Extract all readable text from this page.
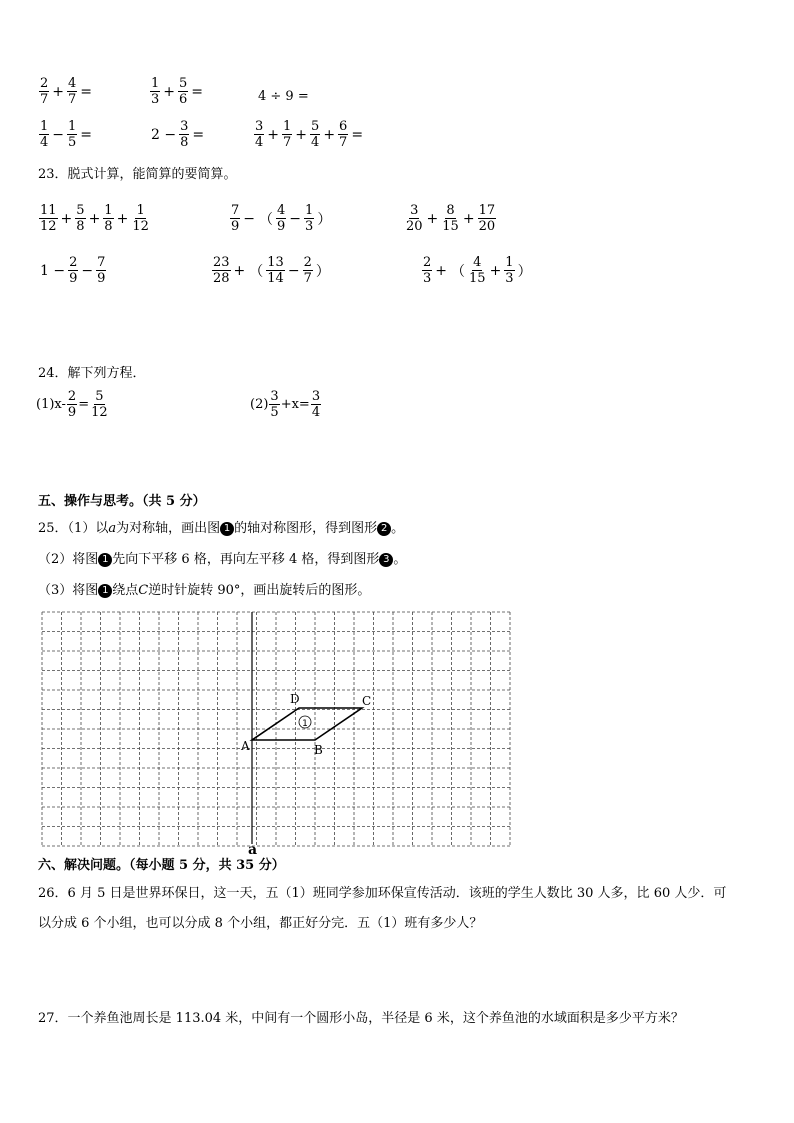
$\frac{2}{7} + \frac{4}{7}$ =	$\frac{1}{3} + \frac{5}{6}$ =	4 ÷ 9 =
$\frac{1}{4} - \frac{1}{5}$ =	$2 - \frac{3}{8}$ =	$\frac{3}{4} + \frac{1}{7} + \frac{5}{4} + \frac{6}{7}$ =
23．脱式计算，能简算的要简算。
$\frac{11}{12} + \frac{5}{8} + \frac{1}{8} + \frac{1}{12}$	$\frac{7}{9}$ − （ $\frac{4}{9} - \frac{1}{3}$ ）	$\frac{3}{20} + \frac{8}{15} + \frac{17}{20}$
$1 - \frac{2}{9} - \frac{7}{9}$	$\frac{23}{28}$ + （ $\frac{13}{14} - \frac{2}{7}$ ）	$\frac{2}{3}$ + （ $\frac{4}{15} + \frac{1}{3}$ ）
24．解下列方程．
$(1)x- \frac{2}{9} = \frac{5}{12}$	$(2) \frac{3}{5} +x= \frac{3}{4}$
五、操作与思考。（共 5 分）
25．（1）以a为对称轴，画出图 1 的轴对称图形，得到图形 2 。
（2）将图 1 先向下平移 6 格，再向左平移 4 格，得到图形 3 。
（3）将图 1 绕点C逆时针旋转 90°，画出旋转后的图形。
A	B
C
D
1
a
六、解决问题。（每小题 5 分，共 35 分）
26．6 月 5 日是世界环保日，这一天，五（1）班同学参加环保宣传活动．该班的学生人数比 30 人多，比 60 人少．可
以分成 6 个小组，也可以分成 8 个小组，都正好分完．五（1）班有多少人？
27．一个养鱼池周长是 113.04 米，中间有一个圆形小岛，半径是 6 米，这个养鱼池的水域面积是多少平方米？
